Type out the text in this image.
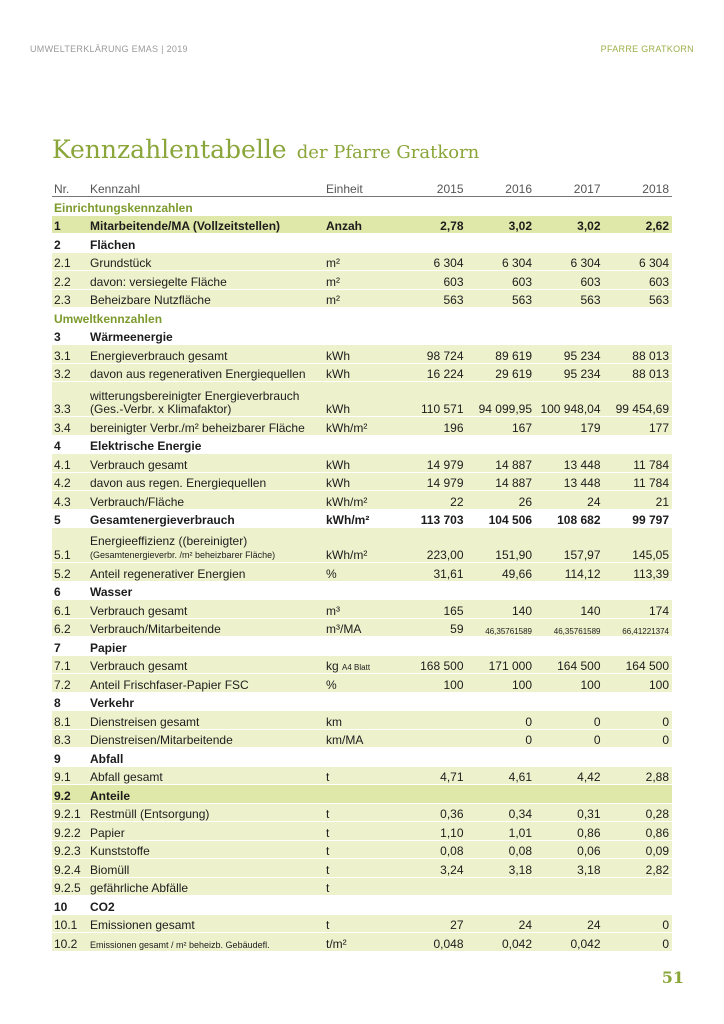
UMWELTERKLÄRUNG EMAS | 2019	PFARRE GRATKORN
Kennzahlentabelle der Pfarre Gratkorn
Nr.	Kennzahl	Einheit	2015	2016	2017	2018
Einrichtungskennzahlen						
1	Mitarbeitende/MA (Vollzeitstellen)	Anzah	2,78	3,02	3,02	2,62
2	Flächen					
2.1	Grundstück	m²	6 304	6 304	6 304	6 304
2.2	davon: versiegelte Fläche	m²	603	603	603	603
2.3	Beheizbare Nutzfläche	m²	563	563	563	563
Umweltkennzahlen						
3	Wärmeenergie					
3.1	Energieverbrauch gesamt	kWh	98 724	89 619	95 234	88 013
3.2	davon aus regenerativen Energiequellen	kWh	16 224	29 619	95 234	88 013
3.3	witterungsbereinigter Energieverbrauch
(Ges.-Verbr. x Klimafaktor)	kWh	110 571	94 099,95	100 948,04	99 454,69
3.4	bereinigter Verbr./m² beheizbarer Fläche	kWh/m²	196	167	179	177
4	Elektrische Energie					
4.1	Verbrauch gesamt	kWh	14 979	14 887	13 448	11 784
4.2	davon aus regen. Energiequellen	kWh	14 979	14 887	13 448	11 784
4.3	Verbrauch/Fläche	kWh/m²	22	26	24	21
5	Gesamtenergieverbrauch	kWh/m²	113 703	104 506	108 682	99 797
5.1	Energieeffizienz ((bereinigter)
(Gesamtenergieverbr. /m² beheizbarer Fläche)	kWh/m²	223,00	151,90	157,97	145,05
5.2	Anteil regenerativer Energien	%	31,61	49,66	114,12	113,39
6	Wasser					
6.1	Verbrauch gesamt	m³	165	140	140	174
6.2	Verbrauch/Mitarbeitende	m³/MA	59	46,35761589	46,35761589	66,41221374
7	Papier					
7.1	Verbrauch gesamt	kg A4 Blatt	168 500	171 000	164 500	164 500
7.2	Anteil Frischfaser-Papier FSC	%	100	100	100	100
8	Verkehr					
8.1	Dienstreisen gesamt	km		0	0	0
8.3	Dienstreisen/Mitarbeitende	km/MA		0	0	0
9	Abfall					
9.1	Abfall gesamt	t	4,71	4,61	4,42	2,88
9.2	Anteile					
9.2.1	Restmüll (Entsorgung)	t	0,36	0,34	0,31	0,28
9.2.2	Papier	t	1,10	1,01	0,86	0,86
9.2.3	Kunststoffe	t	0,08	0,08	0,06	0,09
9.2.4	Biomüll	t	3,24	3,18	3,18	2,82
9.2.5	gefährliche Abfälle	t				
10	CO2					
10.1	Emissionen gesamt	t	27	24	24	0
10.2	Emissionen gesamt / m² beheizb. Gebäudefl.	t/m²	0,048	0,042	0,042	0
51
